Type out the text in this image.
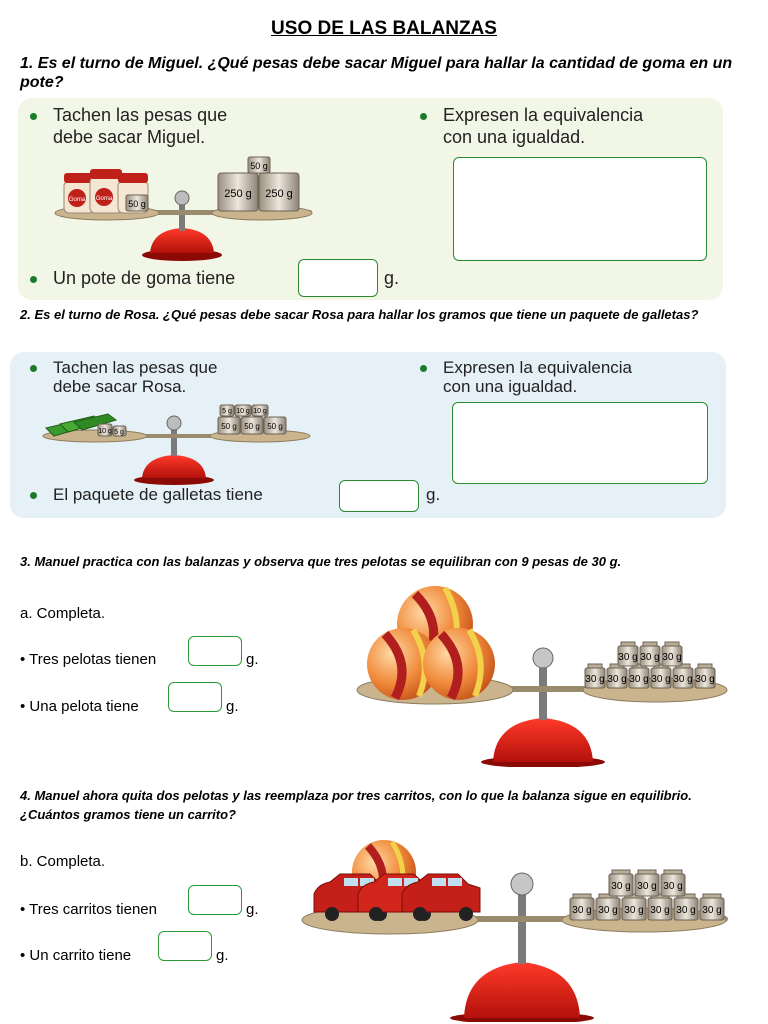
USO DE LAS BALANZAS
1. Es el turno de Miguel. ¿Qué pesas debe sacar Miguel para hallar la cantidad de goma en un pote?
Tachen las pesas que
debe sacar Miguel.
Expresen la equivalencia
con una igualdad.
Goma Goma 50 g
50 g
250 g 250 g
Un pote de goma tiene	g.
2. Es el turno de Rosa. ¿Qué pesas debe sacar Rosa para hallar los gramos que tiene un paquete de galletas?
Tachen las pesas que
debe sacar Rosa.
Expresen la equivalencia
con una igualdad.
10 g 5 g
5 g 10 g 10 g
50 g 50 g 50 g
El paquete de galletas tiene	g.
3. Manuel practica con las balanzas y observa que tres pelotas se equilibran con 9 pesas de 30 g.
a. Completa.
• Tres pelotas tienen	g.
• Una pelota tiene	g.
30 g 30 g 30 g 30 g 30 g 30 g
30 g 30 g 30 g
4. Manuel ahora quita dos pelotas y las reemplaza por tres carritos, con lo que la balanza sigue en equilibrio. ¿Cuántos gramos tiene un carrito?
b. Completa.
• Tres carritos tienen	g.
• Un carrito tiene	g.
30 g 30 g 30 g 30 g 30 g 30 g
30 g 30 g 30 g
